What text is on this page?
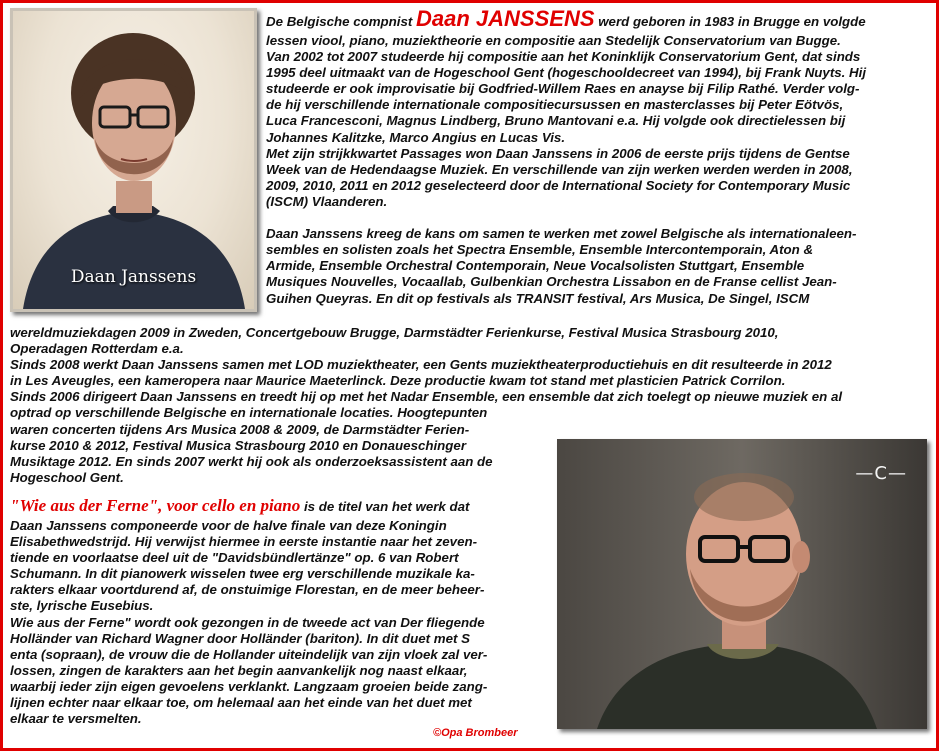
Daan Janssens
—C—

De Belgische compnist Daan JANSSENS werd geboren in 1983 in Brugge en volgde

lessen viool, piano, muziektheorie en compositie aan Stedelijk Conservatorium van Bugge.

Van 2002 tot 2007 studeerde hij compositie aan het Koninklijk Conservatorium Gent, dat sinds

1995 deel uitmaakt van de Hogeschool Gent (hogeschooldecreet van 1994), bij Frank Nuyts. Hij

studeerde er ook improvisatie bij Godfried-Willem Raes en anayse bij Filip Rathé. Verder volg-

de hij verschillende internationale compositiecursussen en masterclasses bij Peter Eötvös,

Luca Francesconi, Magnus Lindberg, Bruno Mantovani e.a. Hij volgde ook directielessen bij

Johannes Kalitzke, Marco Angius en Lucas Vis.

Met zijn strijkkwartet Passages won Daan Janssens in 2006 de eerste prijs tijdens de Gentse

Week van de Hedendaagse Muziek. En verschillende van zijn werken werden werden in 2008,

2009, 2010, 2011 en 2012 geselecteerd door de International Society for Contemporary Music

(ISCM) Vlaanderen.

Daan Janssens kreeg de kans om samen te werken met zowel Belgische als internationaleen-

sembles en solisten zoals het Spectra Ensemble, Ensemble Intercontemporain, Aton &

Armide, Ensemble Orchestral Contemporain, Neue Vocalsolisten Stuttgart, Ensemble

Musiques Nouvelles, Vocaallab, Gulbenkian Orchestra Lissabon en de Franse cellist Jean-

Guihen Queyras. En dit op festivals als TRANSIT festival, Ars Musica, De Singel, ISCM

wereldmuziekdagen 2009 in Zweden, Concertgebouw Brugge, Darmstädter Ferienkurse, Festival Musica Strasbourg 2010,

Operadagen Rotterdam e.a.

Sinds 2008 werkt Daan Janssens samen met LOD muziektheater, een Gents muziektheaterproductiehuis en dit resulteerde in 2012

in Les Aveugles, een kameropera naar Maurice Maeterlinck. Deze productie kwam tot stand met plasticien Patrick Corrilon.

Sinds 2006 dirigeert Daan Janssens en treedt hij op met het Nadar Ensemble, een ensemble dat zich toelegt op nieuwe muziek en al

optrad op verschillende Belgische en internationale locaties. Hoogtepunten

waren concerten tijdens Ars Musica 2008 & 2009, de Darmstädter Ferien-

kurse 2010 & 2012, Festival Musica Strasbourg 2010 en Donaueschinger

Musiktage 2012. En sinds 2007 werkt hij ook als onderzoeksassistent aan de

Hogeschool Gent.

"Wie aus der Ferne", voor cello en piano is de titel van het werk dat

Daan Janssens componeerde voor de halve finale van deze Koningin

Elisabethwedstrijd. Hij verwijst hiermee in eerste instantie naar het zeven-

tiende en voorlaatse deel uit de "Davidsbündlertänze" op. 6 van Robert

Schumann. In dit pianowerk wisselen twee erg verschillende muzikale ka-

rakters elkaar voortdurend af, de onstuimige Florestan, en de meer beheer-

ste, lyrische Eusebius.

Wie aus der Ferne" wordt ook gezongen in de tweede act van Der fliegende

Holländer van Richard Wagner door Holländer (bariton). In dit duet met S

enta (sopraan), de vrouw die de Hollander uiteindelijk van zijn vloek zal ver-

lossen, zingen de karakters aan het begin aanvankelijk nog naast elkaar,

waarbij ieder zijn eigen gevoelens verklankt. Langzaam groeien beide zang-

lijnen echter naar elkaar toe, om helemaal aan het einde van het duet met

elkaar te versmelten.

©Opa Brombeer
